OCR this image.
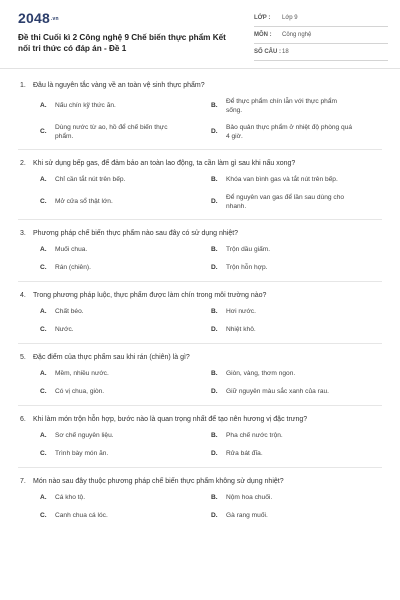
2048.vn
Đề thi Cuối kì 2 Công nghệ 9 Chế biến thực phẩm Kết nối tri thức có đáp án - Đề 1
LỚP :	Lớp 9
MÔN :	Công nghệ
SỐ CÂU : 18
1.	Đâu là nguyên tắc vàng về an toàn vệ sinh thực phẩm?
A.	Nấu chín kỹ thức ăn.	B.
Để thực phẩm chín lẫn với thực phẩm sống.
C.
Dùng nước từ ao, hồ để chế biến thực phẩm.
D.
Bảo quản thực phẩm ở nhiệt độ phòng quá 4 giờ.
2.	Khi sử dụng bếp gas, để đảm bảo an toàn lao động, ta cần làm gì sau khi nấu xong?
A.	Chỉ cần tắt nút trên bếp.	B.	Khóa van bình gas và tắt nút trên bếp.
C.	Mở cửa sổ thật lớn.	D.
Để nguyên van gas để lần sau dùng cho nhanh.
3.	Phương pháp chế biến thực phẩm nào sau đây có sử dụng nhiệt?
A.	Muối chua.	B.	Trộn dầu giấm.
C.	Rán (chiên).	D.	Trộn hỗn hợp.
4.	Trong phương pháp luộc, thực phẩm được làm chín trong môi trường nào?
A.	Chất béo.	B.	Hơi nước.
C.	Nước.	D.	Nhiệt khô.
5.	Đặc điểm của thực phẩm sau khi rán (chiên) là gì?
A.	Mềm, nhiều nước.	B.	Giòn, vàng, thơm ngon.
C.	Có vị chua, giòn.	D.	Giữ nguyên màu sắc xanh của rau.
6.	Khi làm món trộn hỗn hợp, bước nào là quan trọng nhất để tạo nên hương vị đặc trưng?
A.	Sơ chế nguyên liệu.	B.	Pha chế nước trộn.
C.	Trình bày món ăn.	D.	Rửa bát đĩa.
7.	Món nào sau đây thuộc phương pháp chế biến thực phẩm không sử dụng nhiệt?
A.	Cá kho tộ.	B.	Nộm hoa chuối.
C.	Canh chua cá lóc.	D.	Gà rang muối.
